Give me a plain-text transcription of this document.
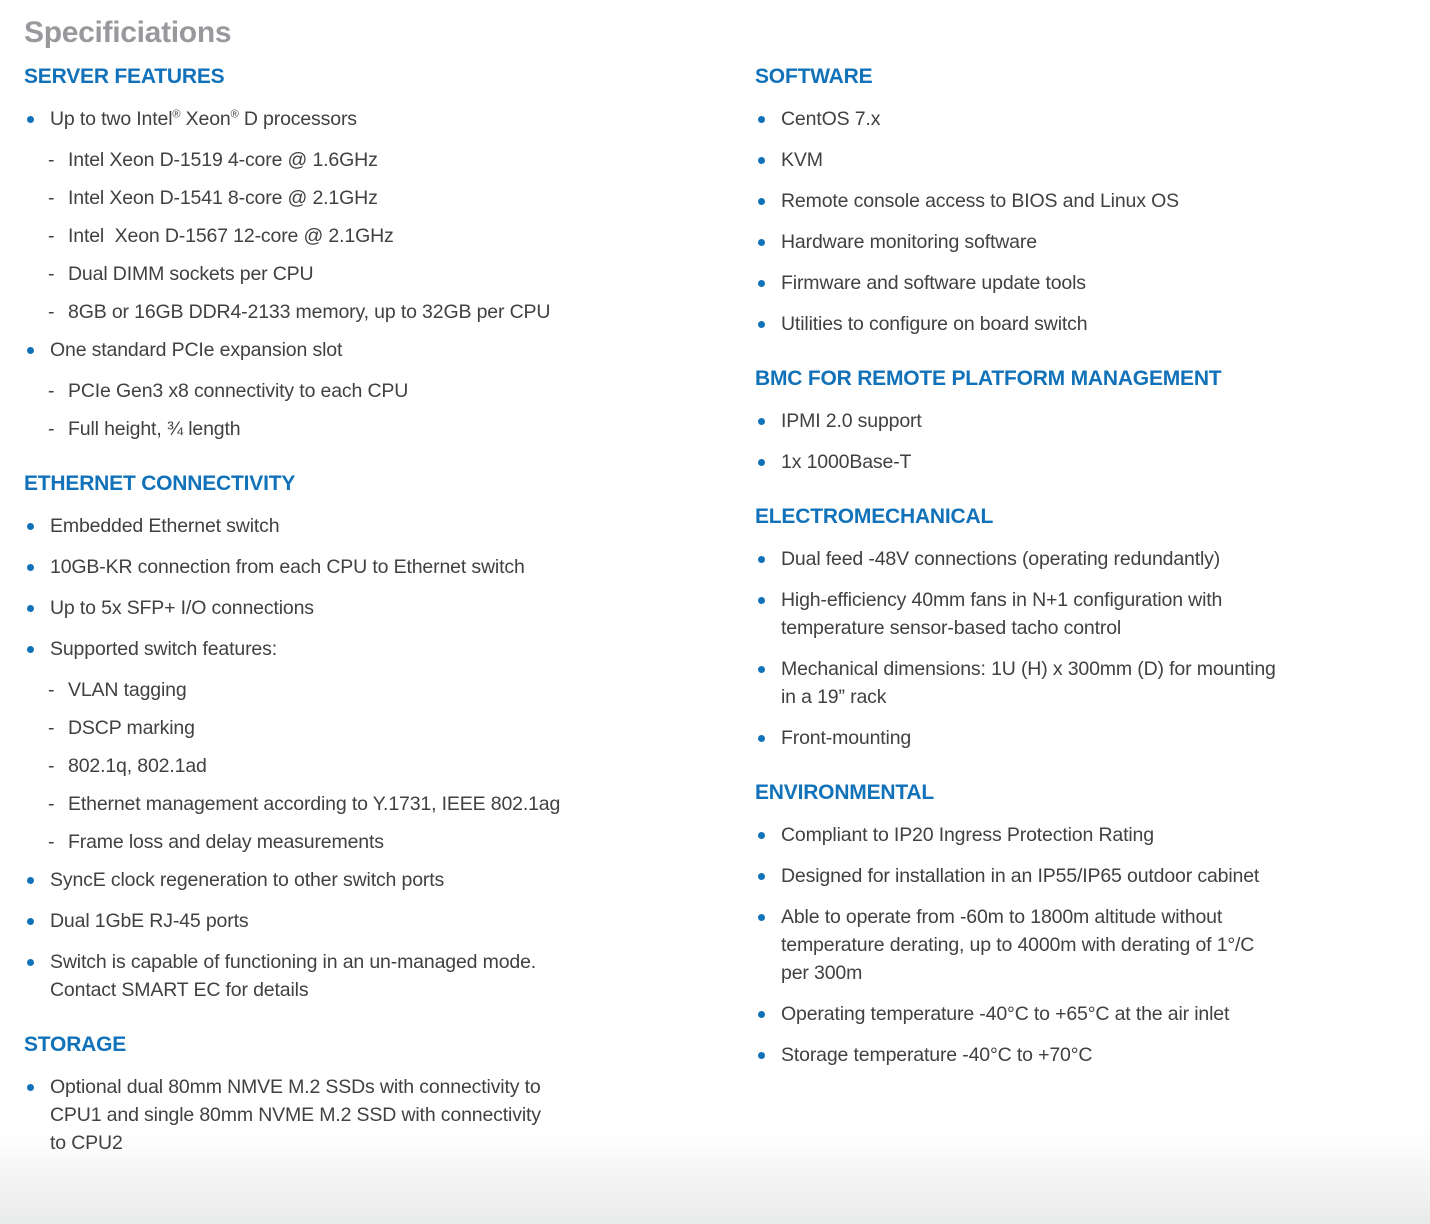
Specificiations
SERVER FEATURES
Up to two Intel® Xeon® D processors
- Intel Xeon D-1519 4-core @ 1.6GHz
- Intel Xeon D-1541 8-core @ 2.1GHz
- Intel  Xeon D-1567 12-core @ 2.1GHz
- Dual DIMM sockets per CPU
- 8GB or 16GB DDR4-2133 memory, up to 32GB per CPU
One standard PCIe expansion slot
- PCIe Gen3 x8 connectivity to each CPU
- Full height, ¾ length
ETHERNET CONNECTIVITY
Embedded Ethernet switch
10GB-KR connection from each CPU to Ethernet switch
Up to 5x SFP+ I/O connections
Supported switch features:
- VLAN tagging
- DSCP marking
- 802.1q, 802.1ad
- Ethernet management according to Y.1731, IEEE 802.1ag
- Frame loss and delay measurements
SyncE clock regeneration to other switch ports
Dual 1GbE RJ-45 ports
Switch is capable of functioning in an un-managed mode.
Contact SMART EC for details
STORAGE
Optional dual 80mm NMVE M.2 SSDs with connectivity to
CPU1 and single 80mm NVME M.2 SSD with connectivity
to CPU2
SOFTWARE
CentOS 7.x
KVM
Remote console access to BIOS and Linux OS
Hardware monitoring software
Firmware and software update tools
Utilities to configure on board switch
BMC FOR REMOTE PLATFORM MANAGEMENT
IPMI 2.0 support
1x 1000Base-T
ELECTROMECHANICAL
Dual feed -48V connections (operating redundantly)
High-efficiency 40mm fans in N+1 configuration with
temperature sensor-based tacho control
Mechanical dimensions: 1U (H) x 300mm (D) for mounting
in a 19” rack
Front-mounting
ENVIRONMENTAL
Compliant to IP20 Ingress Protection Rating
Designed for installation in an IP55/IP65 outdoor cabinet
Able to operate from -60m to 1800m altitude without
temperature derating, up to 4000m with derating of 1°/C
per 300m
Operating temperature -40°C to +65°C at the air inlet
Storage temperature -40°C to +70°C
